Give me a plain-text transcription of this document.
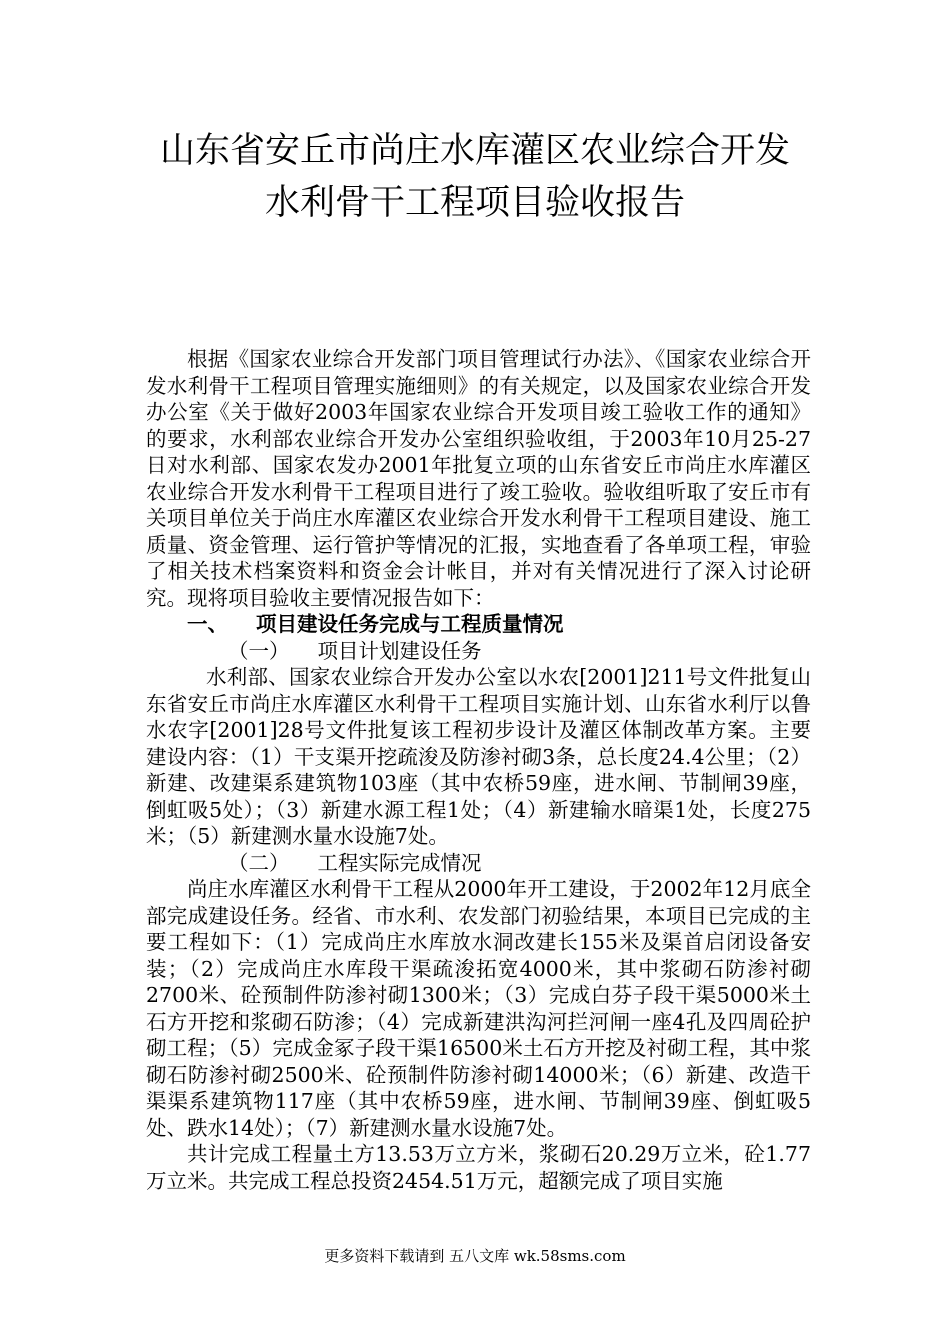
山东省安丘市尚庄水库灌区农业综合开发
水利骨干工程项目验收报告

根据《国家农业综合开发部门项目管理试行办法》、《国家农业综合开发水利骨干工程项目管理实施细则》的有关规定，以及国家农业综合开发办公室《关于做好2003年国家农业综合开发项目竣工验收工作的通知》的要求，水利部农业综合开发办公室组织验收组，于2003年10月25-27日对水利部、国家农发办2001年批复立项的山东省安丘市尚庄水库灌区农业综合开发水利骨干工程项目进行了竣工验收。验收组听取了安丘市有关项目单位关于尚庄水库灌区农业综合开发水利骨干工程项目建设、施工质量、资金管理、运行管护等情况的汇报，实地查看了各单项工程，审验了相关技术档案资料和资金会计帐目，并对有关情况进行了深入讨论研究。现将项目验收主要情况报告如下：

一、 项目建设任务完成与工程质量情况

（一） 项目计划建设任务

水利部、国家农业综合开发办公室以水农[2001]211号文件批复山东省安丘市尚庄水库灌区水利骨干工程项目实施计划、山东省水利厅以鲁水农字[2001]28号文件批复该工程初步设计及灌区体制改革方案。主要建设内容：（1）干支渠开挖疏浚及防渗衬砌3条，总长度24.4公里；（2）新建、改建渠系建筑物103座（其中农桥59座，进水闸、节制闸39座，倒虹吸5处）；（3）新建水源工程1处；（4）新建输水暗渠1处，长度275米；（5）新建测水量水设施7处。

（二） 工程实际完成情况

尚庄水库灌区水利骨干工程从2000年开工建设，于2002年12月底全部完成建设任务。经省、市水利、农发部门初验结果，本项目已完成的主要工程如下：（1）完成尚庄水库放水洞改建长155米及渠首启闭设备安装；（2）完成尚庄水库段干渠疏浚拓宽4000米，其中浆砌石防渗衬砌2700米、砼预制件防渗衬砌1300米；（3）完成白芬子段干渠5000米土石方开挖和浆砌石防渗；（4）完成新建洪沟河拦河闸一座4孔及四周砼护砌工程；（5）完成金冢子段干渠16500米土石方开挖及衬砌工程，其中浆砌石防渗衬砌2500米、砼预制件防渗衬砌14000米；（6）新建、改造干渠渠系建筑物117座（其中农桥59座，进水闸、节制闸39座、倒虹吸5处、跌水14处）；（7）新建测水量水设施7处。

共计完成工程量土方13.53万立方米，浆砌石20.29万立米，砼1.77万立米。共完成工程总投资2454.51万元，超额完成了项目实施

更多资料下载请到 五八文库 wk.58sms.com
